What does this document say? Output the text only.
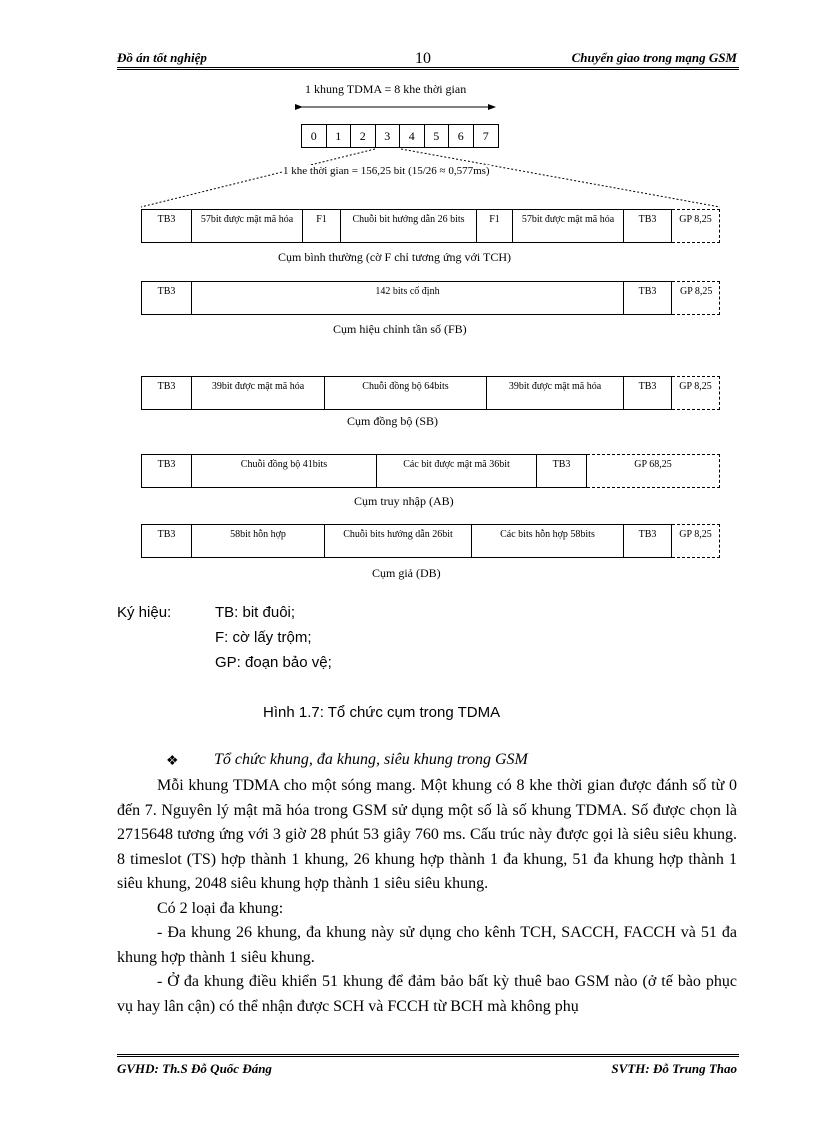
Đồ án tốt nghiệp	10	Chuyển giao trong mạng GSM
1 khung TDMA = 8 khe thời gian
0	1	2	3	4	5	6	7
1 khe thời gian = 156,25 bit (15/26 ≈ 0,577ms)
TB3	57bit được mật mã hóa	F1	Chuỗi bit hướng dẫn 26 bits	F1	57bit được mật mã hóa	TB3	GP 8,25
Cụm bình thường (cờ F chỉ tương ứng với TCH)
TB3	142 bits cố định	TB3	GP 8,25
Cụm hiệu chỉnh tần số (FB)
TB3	39bit được mật mã hóa	Chuỗi đồng bộ 64bits	39bit được mật mã hóa	TB3	GP 8,25
Cụm đồng bộ (SB)
TB3	Chuỗi đồng bộ 41bits	Các bit được mật mã 36bit	TB3	GP 68,25
Cụm truy nhập (AB)
TB3	58bit hỗn hợp	Chuỗi bits hướng dẫn 26bit	Các bits hỗn hợp 58bits	TB3	GP 8,25
Cụm giả (DB)
Ký hiệu:	TB: bit đuôi;
F: cờ lấy trộm;
GP: đoạn bảo vệ;
Hình 1.7: Tổ chức cụm trong TDMA
❖ Tổ chức khung, đa khung, siêu khung trong GSM

Mỗi khung TDMA cho một sóng mang. Một khung có 8 khe thời gian được đánh số từ 0 đến 7. Nguyên lý mật mã hóa trong GSM sử dụng một số là số khung TDMA. Số được chọn là 2715648 tương ứng với 3 giờ 28 phút 53 giây 760 ms. Cấu trúc này được gọi là siêu siêu khung. 8 timeslot (TS) hợp thành 1 khung, 26 khung hợp thành 1 đa khung, 51 đa khung hợp thành 1 siêu khung, 2048 siêu khung hợp thành 1 siêu siêu khung.

Có 2 loại đa khung:

- Đa khung 26 khung, đa khung này sử dụng cho kênh TCH, SACCH, FACCH và 51 đa khung hợp thành 1 siêu khung.

- Ở đa khung điều khiển 51 khung để đảm bảo bất kỳ thuê bao GSM nào (ở tế bào phục vụ hay lân cận) có thể nhận được SCH và FCCH từ BCH mà không phụ

GVHD: Th.S Đỗ Quốc Đáng	SVTH: Đỗ Trung Thao
